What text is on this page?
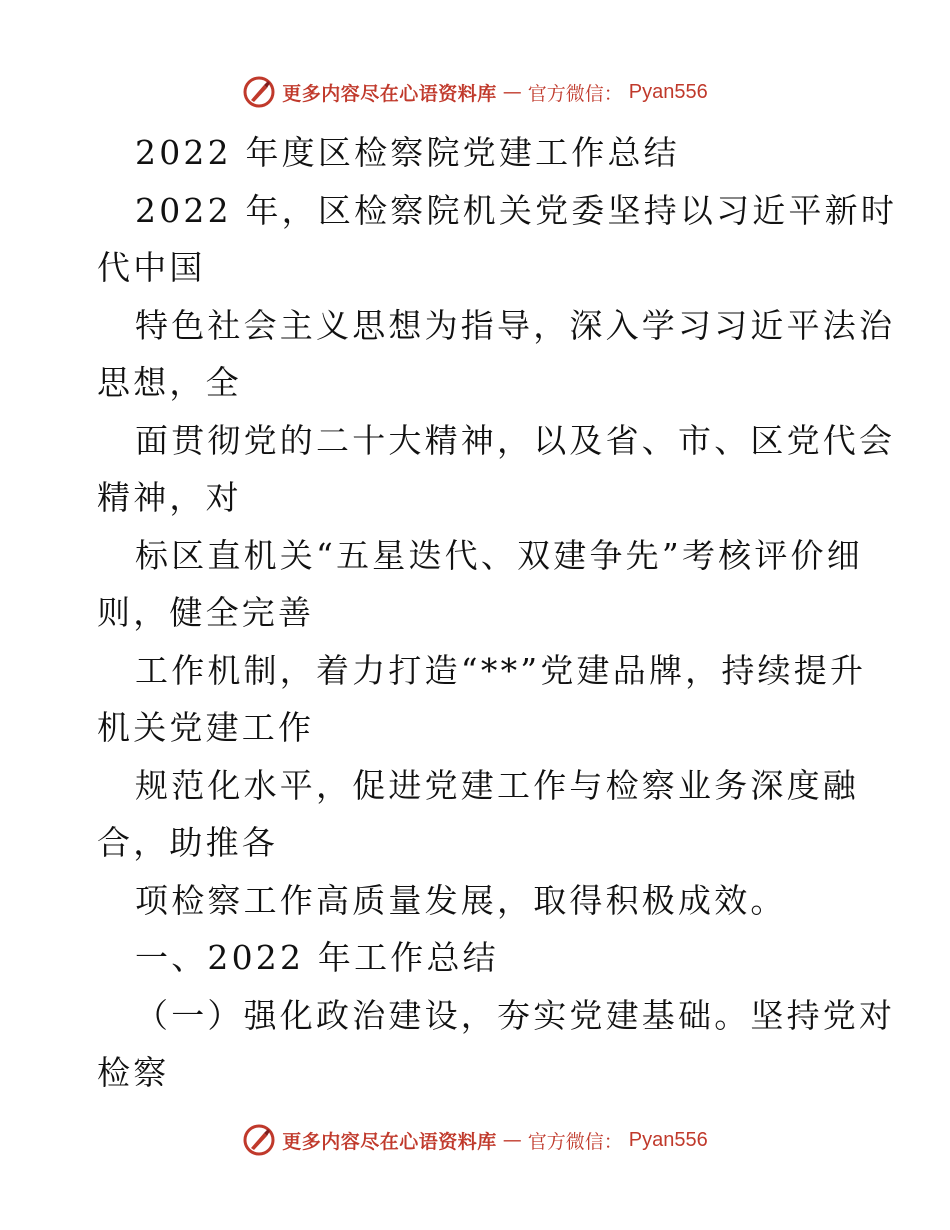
更多内容尽在心语资料库 — 官方微信： Pyan556
2022 年度区检察院党建工作总结
2022 年，区检察院机关党委坚持以习近平新时
代中国
特色社会主义思想为指导，深入学习习近平法治
思想，全
面贯彻党的二十大精神，以及省、市、区党代会
精神，对
标区直机关“五星迭代、双建争先”考核评价细
则，健全完善
工作机制，着力打造“**”党建品牌，持续提升
机关党建工作
规范化水平，促进党建工作与检察业务深度融
合，助推各
项检察工作高质量发展，取得积极成效。
一、2022 年工作总结
（一）强化政治建设，夯实党建基础。坚持党对
检察
更多内容尽在心语资料库 — 官方微信： Pyan556
